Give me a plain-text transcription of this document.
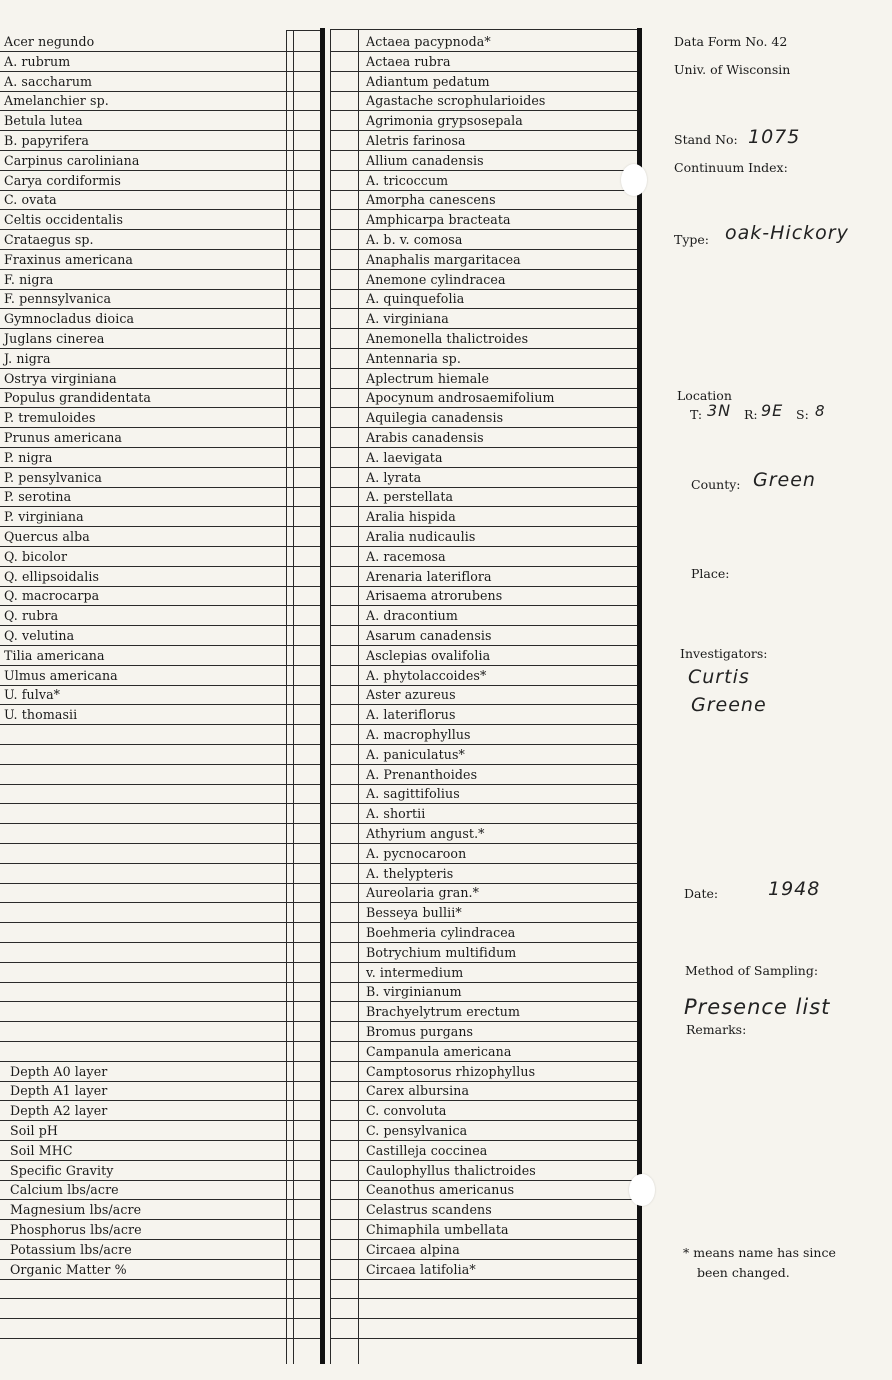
Acer negundo
A. rubrum
A. saccharum
Amelanchier sp.
Betula lutea
B. papyrifera
Carpinus caroliniana
Carya cordiformis
C. ovata
Celtis occidentalis
Crataegus sp.
Fraxinus americana
F. nigra
F. pennsylvanica
Gymnocladus dioica
Juglans cinerea
J. nigra
Ostrya virginiana
Populus grandidentata
P. tremuloides
Prunus americana
P. nigra
P. pensylvanica
P. serotina
P. virginiana
Quercus alba
Q. bicolor
Q. ellipsoidalis
Q. macrocarpa
Q. rubra
Q. velutina
Tilia americana
Ulmus americana
U. fulva*
U. thomasii
Depth A0 layer
Depth A1 layer
Depth A2 layer
Soil pH
Soil MHC
Specific Gravity
Calcium lbs/acre
Magnesium lbs/acre
Phosphorus lbs/acre
Potassium lbs/acre
Organic Matter %
Actaea pacypnoda*
Actaea rubra
Adiantum pedatum
Agastache scrophularioides
Agrimonia grypsosepala
Aletris farinosa
Allium canadensis
A. tricoccum
Amorpha canescens
Amphicarpa bracteata
A. b. v. comosa
Anaphalis margaritacea
Anemone cylindracea
A. quinquefolia
A. virginiana
Anemonella thalictroides
Antennaria sp.
Aplectrum hiemale
Apocynum androsaemifolium
Aquilegia canadensis
Arabis canadensis
A. laevigata
A. lyrata
A. perstellata
Aralia hispida
Aralia nudicaulis
A. racemosa
Arenaria lateriflora
Arisaema atrorubens
A. dracontium
Asarum canadensis
Asclepias ovalifolia
A. phytolaccoides*
Aster azureus
A. lateriflorus
A. macrophyllus
A. paniculatus*
A. Prenanthoides
A. sagittifolius
A. shortii
Athyrium angust.*
A. pycnocaroon
A. thelypteris
Aureolaria gran.*
Besseya bullii*
Boehmeria cylindracea
Botrychium multifidum
v. intermedium
B. virginianum
Brachyelytrum erectum
Bromus purgans
Campanula americana
Camptosorus rhizophyllus
Carex albursina
C. convoluta
C. pensylvanica
Castilleja coccinea
Caulophyllus thalictroides
Ceanothus americanus
Celastrus scandens
Chimaphila umbellata
Circaea alpina
Circaea latifolia*
Data Form No. 42
Univ. of Wisconsin
Stand No: 1075
Continuum Index:
Type: oak-Hickory
Location
T: 3N R: 9E S: 8
County: Green
Place:
Investigators:
Curtis
Greene
Date:	1948
Method of Sampling:
Presence list
Remarks:
* means name has since
been changed.
